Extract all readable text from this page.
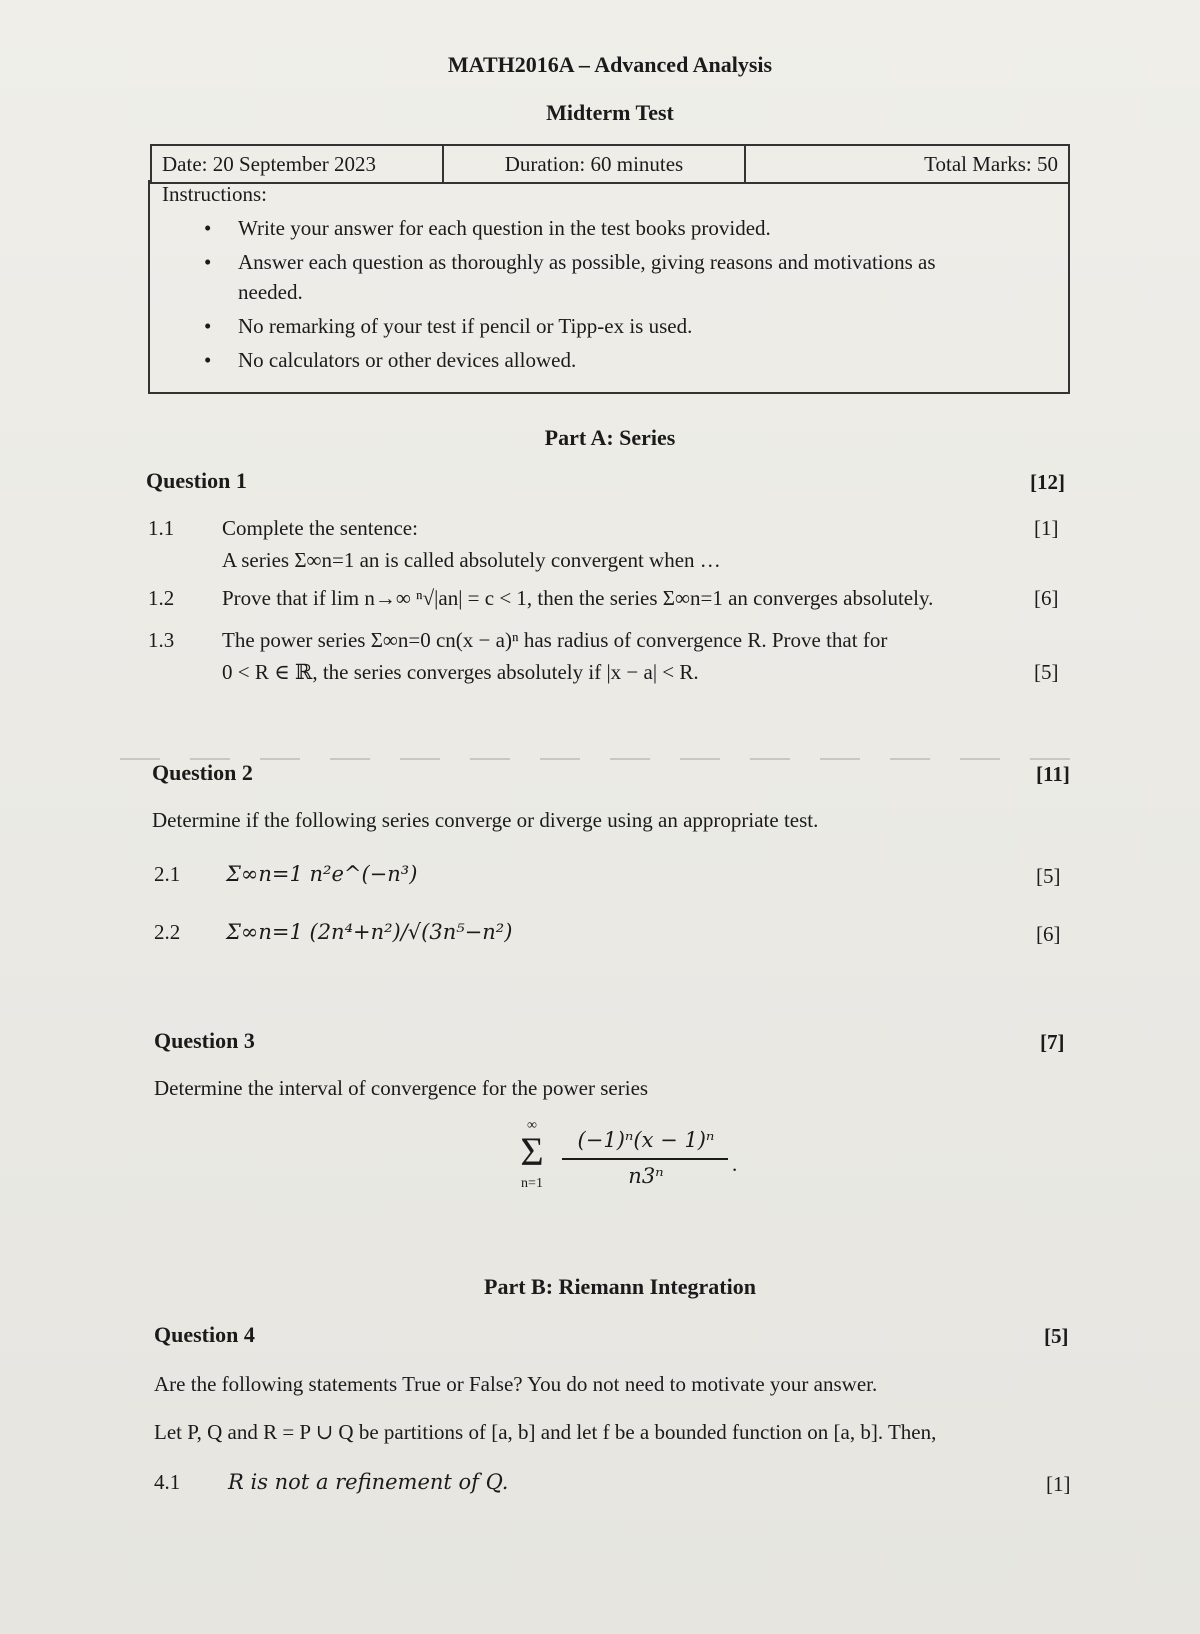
MATH2016A – Advanced Analysis
Midterm Test
Date: 20 September 2023	Duration: 60 minutes	Total Marks: 50
Instructions:
• Write your answer for each question in the test books provided.
• Answer each question as thoroughly as possible, giving reasons and motivations as
needed.
• No remarking of your test if pencil or Tipp-ex is used.
• No calculators or other devices allowed.
Part A: Series
Question 1	[12]
1.1 Complete the sentence:	[1]
A series Σ∞n=1 an is called absolutely convergent when …
1.2 Prove that if lim n→∞ ⁿ√|an| = c < 1, then the series Σ∞n=1 an converges absolutely.	[6]
1.3 The power series Σ∞n=0 cn(x − a)ⁿ has radius of convergence R. Prove that for
0 < R ∈ ℝ, the series converges absolutely if |x − a| < R.	[5]
Question 2	[11]
Determine if the following series converge or diverge using an appropriate test.
2.1 Σ∞n=1 n²e^(−n³)	[5]
2.2 Σ∞n=1 (2n⁴+n²)/√(3n⁵−n²)	[6]
Question 3	[7]
Determine the interval of convergence for the power series
∞
Σ
n=1
(−1)ⁿ(x − 1)ⁿ
n3ⁿ	.
Part B: Riemann Integration
Question 4	[5]
Are the following statements True or False? You do not need to motivate your answer.
Let P, Q and R = P ∪ Q be partitions of [a, b] and let f be a bounded function on [a, b]. Then,
4.1 R is not a refinement of Q.	[1]
